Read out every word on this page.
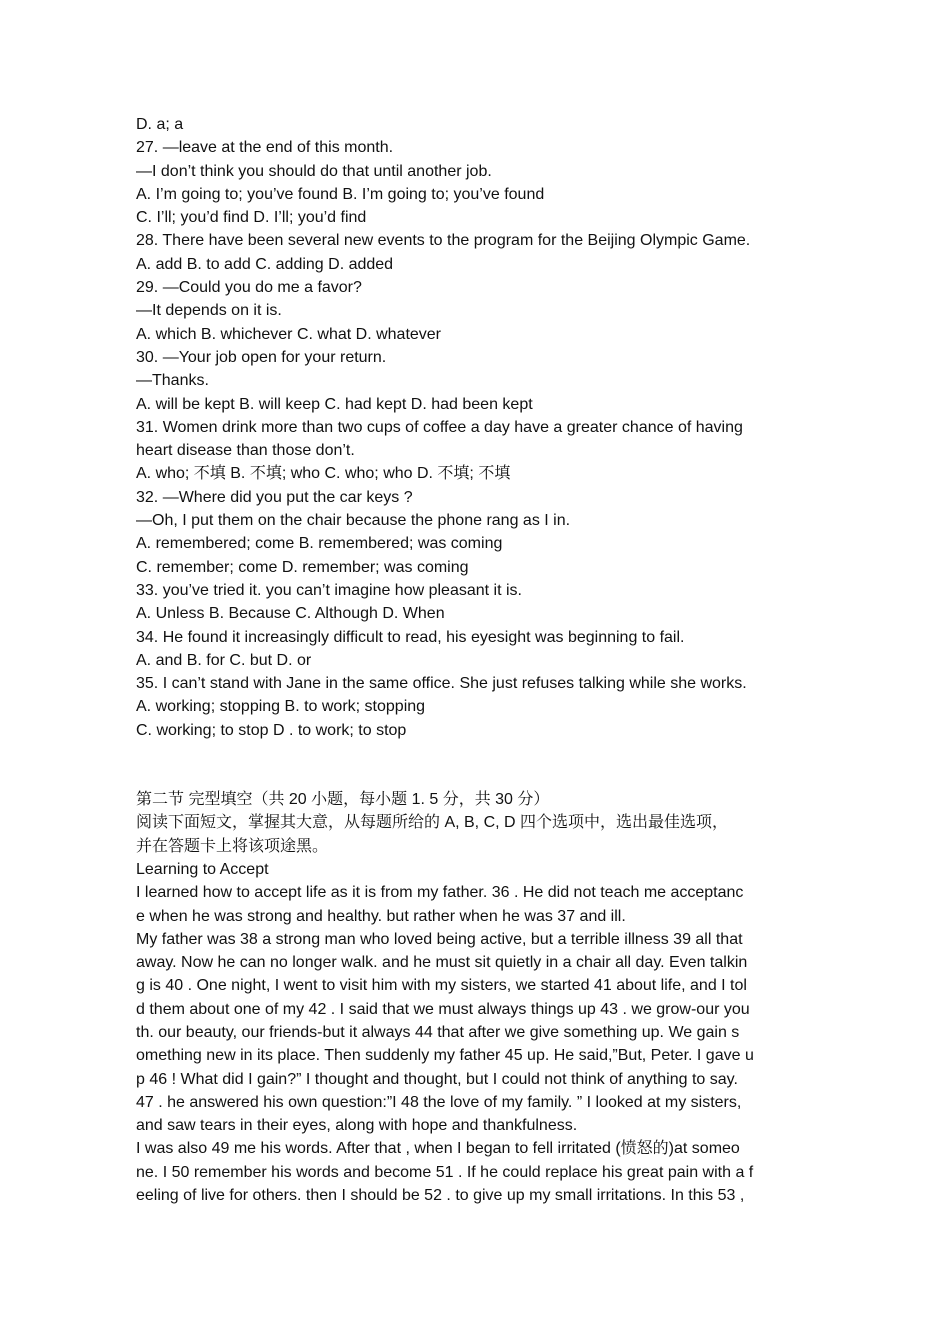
D. a; a
27. —leave at the end of this month.
—I don’t think you should do that until another job.
A. I’m going to; you’ve found B. I’m going to; you’ve found
C. I’ll; you’d find D. I’ll; you’d find
28. There have been several new events to the program for the Beijing Olympic Game.
A. add B. to add C. adding D. added
29. —Could you do me a favor?
—It depends on it is.
A. which B. whichever C. what D. whatever
30. —Your job open for your return.
—Thanks.
A. will be kept B. will keep C. had kept D. had been kept
31. Women drink more than two cups of coffee a day have a greater chance of having
heart disease than those don’t.
A. who; 不填 B. 不填; who C. who; who D. 不填; 不填
32. —Where did you put the car keys ?
—Oh, I put them on the chair because the phone rang as I in.
A. remembered; come B. remembered; was coming
C. remember; come D. remember; was coming
33. you’ve tried it. you can’t imagine how pleasant it is.
A. Unless B. Because C. Although D. When
34. He found it increasingly difficult to read, his eyesight was beginning to fail.
A. and B. for C. but D. or
35. I can’t stand with Jane in the same office. She just refuses talking while she works.
A. working; stopping B. to work; stopping
C. working; to stop D . to work; to stop
第二节 完型填空（共 20 小题，每小题 1. 5 分，共 30 分）
阅读下面短文，掌握其大意，从每题所给的 A, B, C, D 四个选项中，选出最佳选项，
并在答题卡上将该项途黑。
Learning to Accept
I learned how to accept life as it is from my father. 36 . He did not teach me acceptanc
e when he was strong and healthy. but rather when he was 37 and ill.
My father was 38 a strong man who loved being active, but a terrible illness 39 all that
away. Now he can no longer walk. and he must sit quietly in a chair all day. Even talkin
g is 40 . One night, I went to visit him with my sisters, we started 41 about life, and I tol
d them about one of my 42 . I said that we must always things up 43 . we grow-our you
th. our beauty, our friends-but it always 44 that after we give something up. We gain s
omething new in its place. Then suddenly my father 45 up. He said,”But, Peter. I gave u
p 46 ! What did I gain?” I thought and thought, but I could not think of anything to say.
47 . he answered his own question:”I 48 the love of my family. ” I looked at my sisters,
and saw tears in their eyes, along with hope and thankfulness.
I was also 49 me his words. After that , when I began to fell irritated (愤怒的)at someo
ne. I 50 remember his words and become 51 . If he could replace his great pain with a f
eeling of live for others. then I should be 52 . to give up my small irritations. In this 53 ,
